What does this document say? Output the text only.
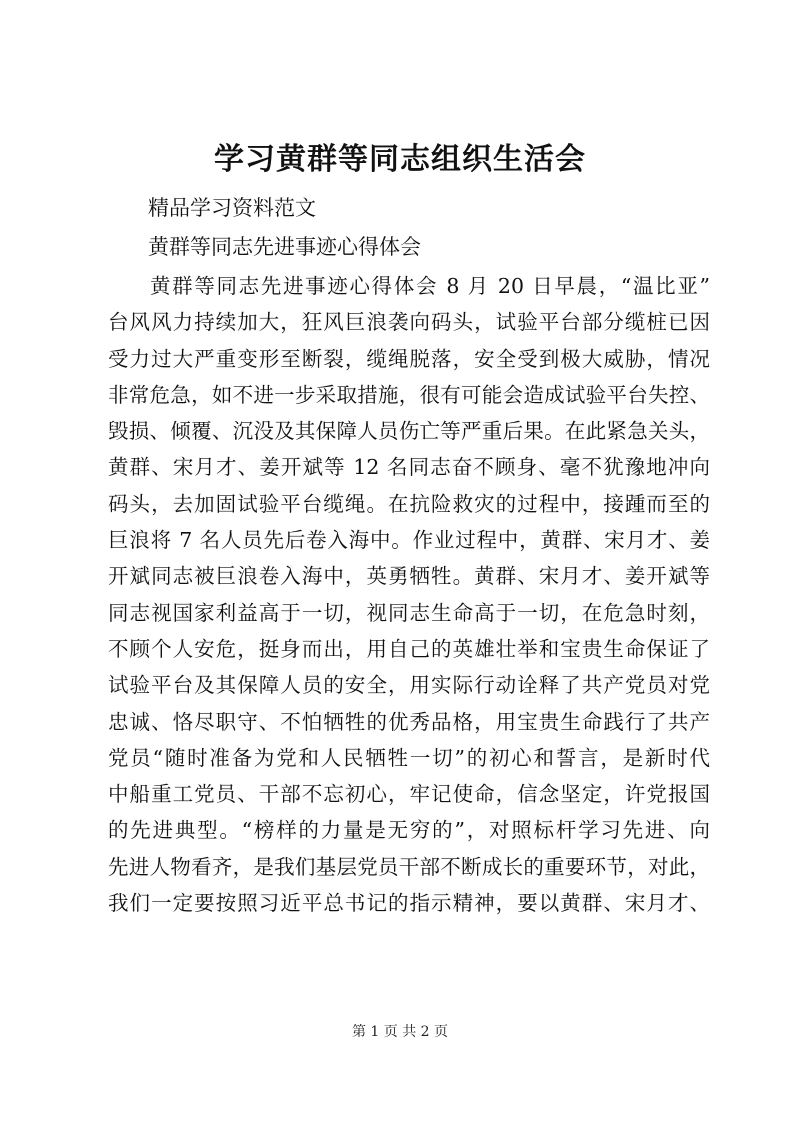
学习黄群等同志组织生活会
精品学习资料范文
黄群等同志先进事迹心得体会
黄群等同志先进事迹心得体会 8 月 20 日早晨，“温比亚”
台风风力持续加大，狂风巨浪袭向码头，试验平台部分缆桩已因
受力过大严重变形至断裂，缆绳脱落，安全受到极大威胁，情况
非常危急，如不进一步采取措施，很有可能会造成试验平台失控、
毁损、倾覆、沉没及其保障人员伤亡等严重后果。在此紧急关头，
黄群、宋月才、姜开斌等 12 名同志奋不顾身、毫不犹豫地冲向
码头，去加固试验平台缆绳。在抗险救灾的过程中，接踵而至的
巨浪将 7 名人员先后卷入海中。作业过程中，黄群、宋月才、姜
开斌同志被巨浪卷入海中，英勇牺牲。黄群、宋月才、姜开斌等
同志视国家利益高于一切，视同志生命高于一切，在危急时刻，
不顾个人安危，挺身而出，用自己的英雄壮举和宝贵生命保证了
试验平台及其保障人员的安全，用实际行动诠释了共产党员对党
忠诚、恪尽职守、不怕牺牲的优秀品格，用宝贵生命践行了共产
党员“随时准备为党和人民牺牲一切”的初心和誓言，是新时代
中船重工党员、干部不忘初心，牢记使命，信念坚定，许党报国
的先进典型。“榜样的力量是无穷的”，对照标杆学习先进、向
先进人物看齐，是我们基层党员干部不断成长的重要环节，对此，
我们一定要按照习近平总书记的指示精神，要以黄群、宋月才、
第 1 页 共 2 页
